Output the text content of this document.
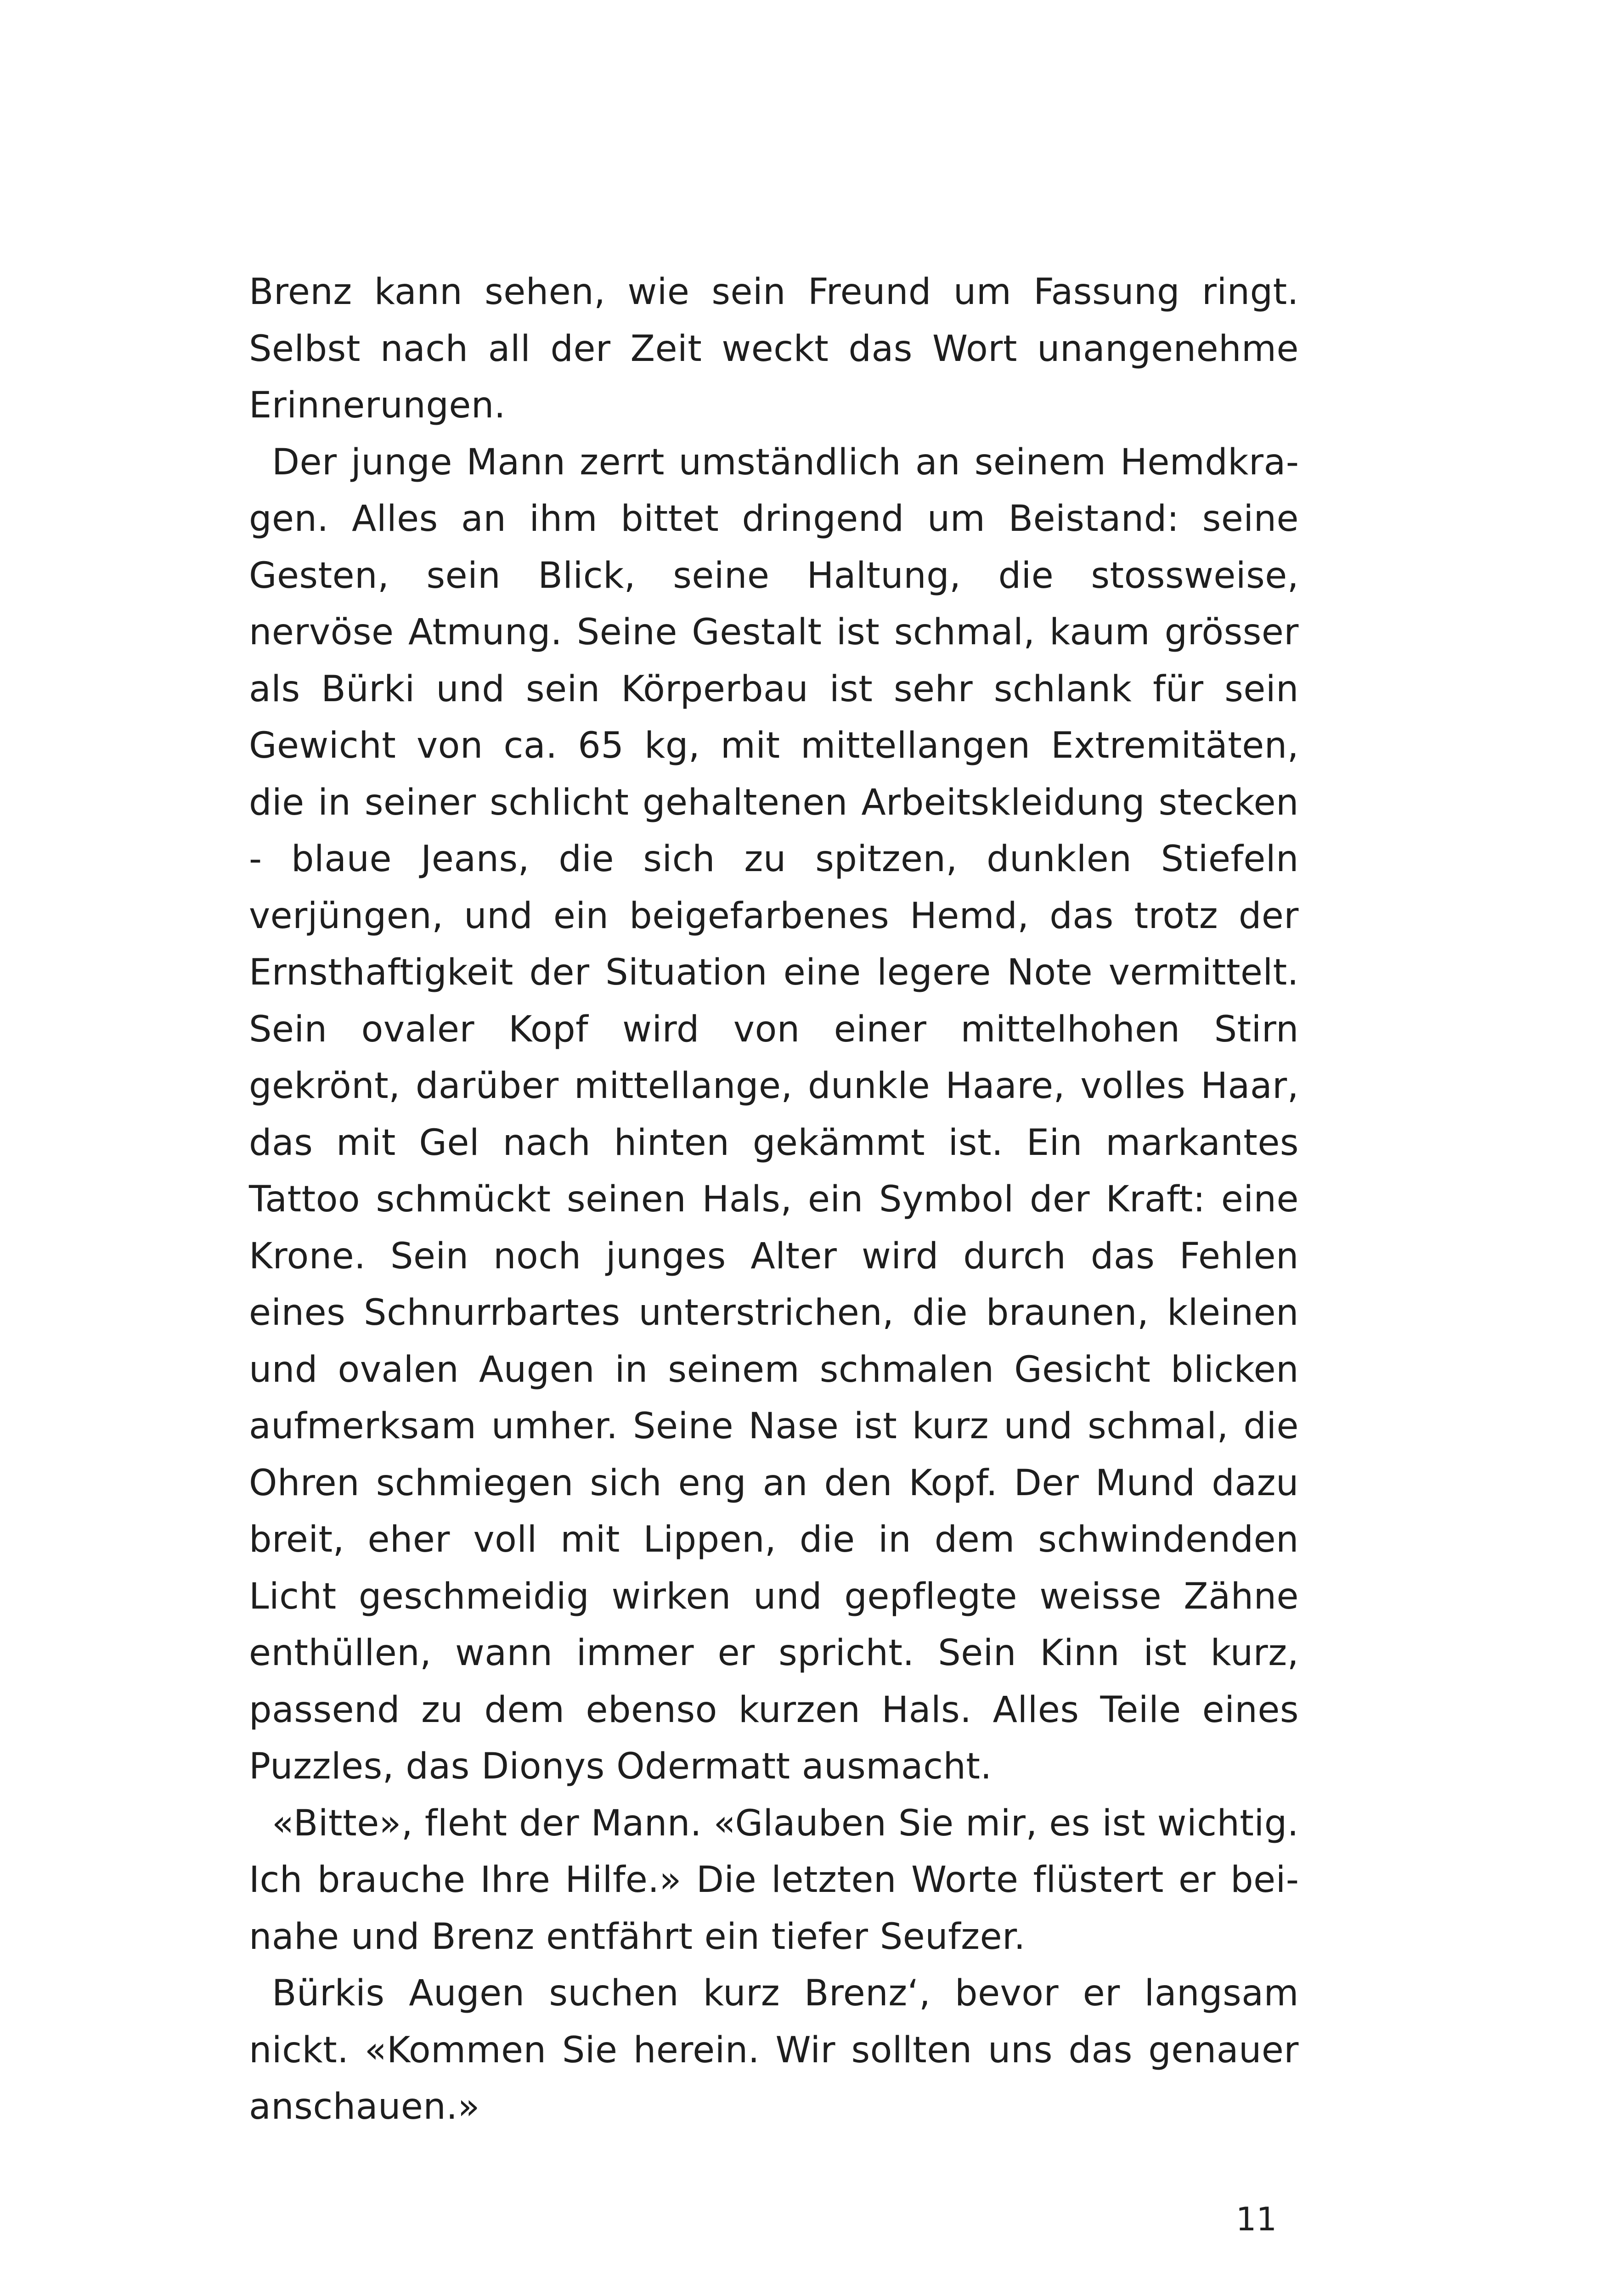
Brenz kann sehen, wie sein Freund um Fassung ringt. Selbst nach all der Zeit weckt das Wort unangenehme Erinnerungen.

Der junge Mann zerrt umständlich an seinem Hemdkragen. Alles an ihm bittet dringend um Beistand: seine Gesten, sein Blick, seine Haltung, die stossweise, nervöse Atmung. Seine Gestalt ist schmal, kaum grösser als Bürki und sein Körperbau ist sehr schlank für sein Gewicht von ca. 65 kg, mit mittellangen Extremitäten, die in seiner schlicht gehaltenen Arbeitskleidung stecken - blaue Jeans, die sich zu spitzen, dunklen Stiefeln verjüngen, und ein beigefarbenes Hemd, das trotz der Ernsthaftigkeit der Situation eine legere Note vermittelt. Sein ovaler Kopf wird von einer mittelhohen Stirn gekrönt, darüber mittellange, dunkle Haare, volles Haar, das mit Gel nach hinten gekämmt ist. Ein markantes Tattoo schmückt seinen Hals, ein Symbol der Kraft: eine Krone. Sein noch junges Alter wird durch das Fehlen eines Schnurrbartes unterstrichen, die braunen, kleinen und ovalen Augen in seinem schmalen Gesicht blicken aufmerksam umher. Seine Nase ist kurz und schmal, die Ohren schmiegen sich eng an den Kopf. Der Mund dazu breit, eher voll mit Lippen, die in dem schwindenden Licht geschmeidig wirken und gepflegte weisse Zähne enthüllen, wann immer er spricht. Sein Kinn ist kurz, passend zu dem ebenso kurzen Hals. Alles Teile eines Puzzles, das Dionys Odermatt ausmacht.

«Bitte», fleht der Mann. «Glauben Sie mir, es ist wichtig. Ich brauche Ihre Hilfe.» Die letzten Worte flüstert er beinahe und Brenz entfährt ein tiefer Seufzer.

Bürkis Augen suchen kurz Brenz‘, bevor er langsam nickt. «Kommen Sie herein. Wir sollten uns das genauer anschauen.»

11
